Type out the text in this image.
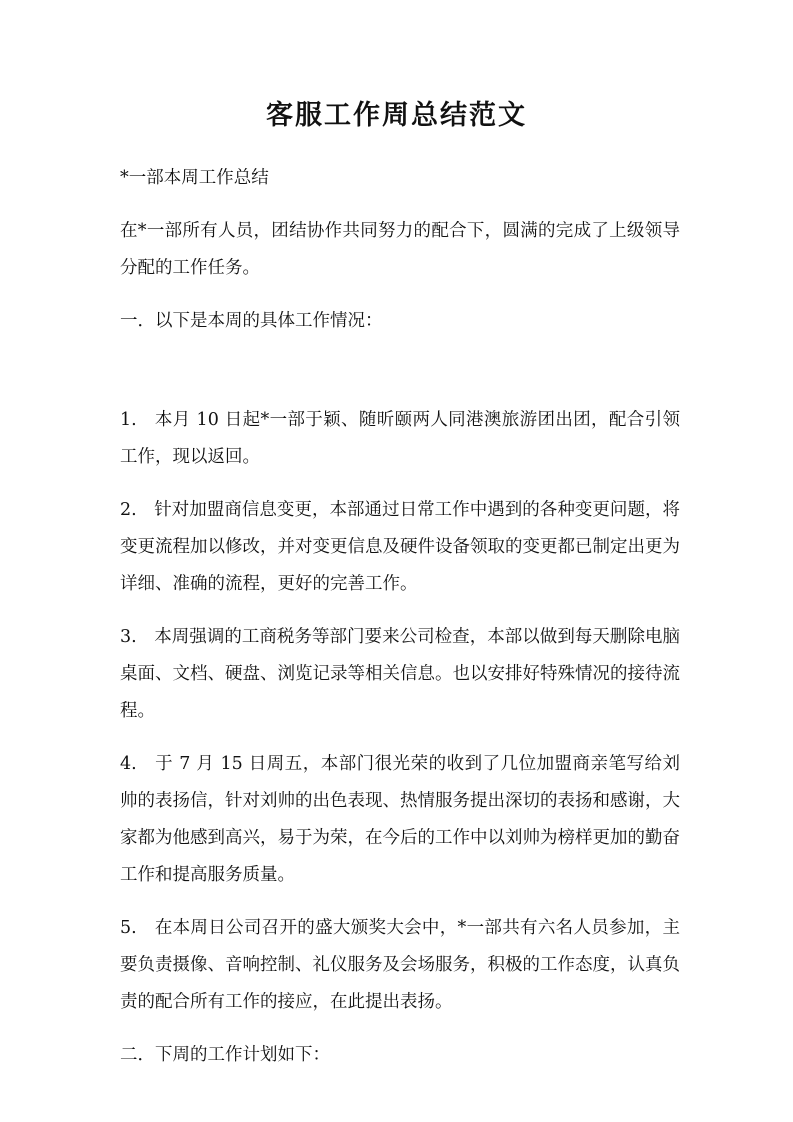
客服工作周总结范文

*一部本周工作总结

在*一部所有人员，团结协作共同努力的配合下，圆满的完成了上级领导分配的工作任务。

一．以下是本周的具体工作情况：

1.　本月 10 日起*一部于颖、随昕颐两人同港澳旅游团出团，配合引领工作，现以返回。

2.　针对加盟商信息变更，本部通过日常工作中遇到的各种变更问题，将变更流程加以修改，并对变更信息及硬件设备领取的变更都已制定出更为详细、准确的流程，更好的完善工作。

3.　本周强调的工商税务等部门要来公司检查，本部以做到每天删除电脑桌面、文档、硬盘、浏览记录等相关信息。也以安排好特殊情况的接待流程。

4.　于 7 月 15 日周五，本部门很光荣的收到了几位加盟商亲笔写给刘帅的表扬信，针对刘帅的出色表现、热情服务提出深切的表扬和感谢，大家都为他感到高兴，易于为荣，在今后的工作中以刘帅为榜样更加的勤奋工作和提高服务质量。

5.　在本周日公司召开的盛大颁奖大会中，*一部共有六名人员参加，主要负责摄像、音响控制、礼仪服务及会场服务，积极的工作态度，认真负责的配合所有工作的接应，在此提出表扬。

二．下周的工作计划如下：
